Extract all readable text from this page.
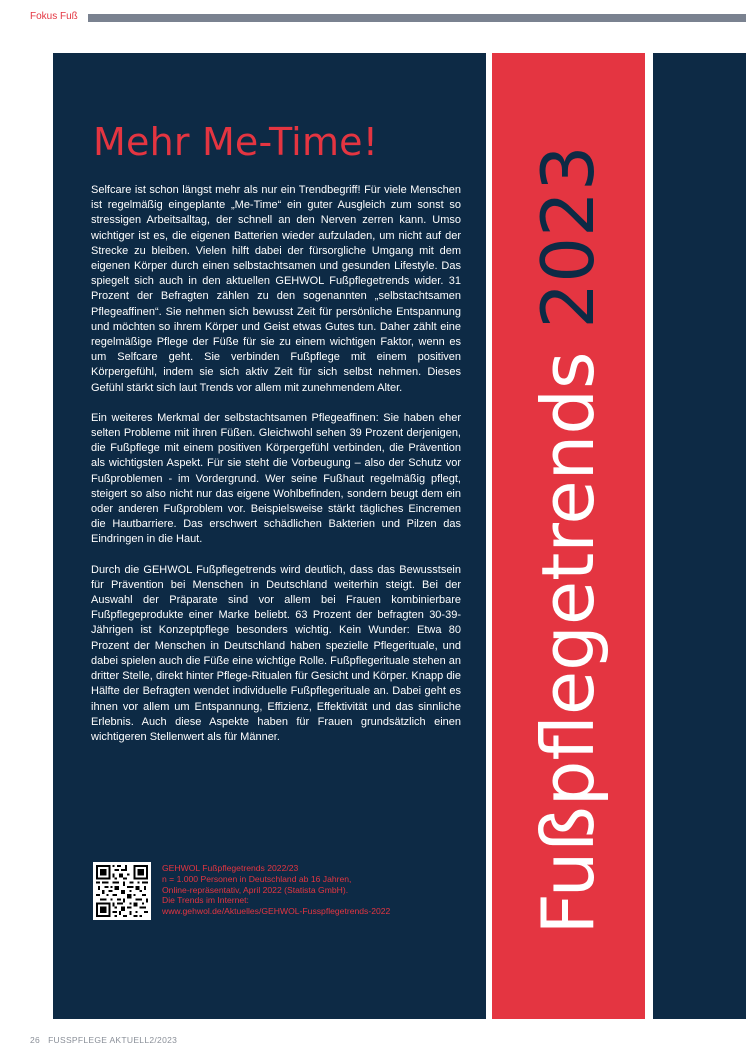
Fokus Fuß
Mehr Me-Time!

Selfcare ist schon längst mehr als nur ein Trendbegriff! Für viele Menschen ist regelmäßig eingeplante „Me-Time“ ein guter Ausgleich zum sonst so stressigen Arbeitsalltag, der schnell an den Nerven zerren kann. Umso wichtiger ist es, die eigenen Batterien wieder aufzuladen, um nicht auf der Strecke zu bleiben. Vielen hilft dabei der fürsorgliche Umgang mit dem eigenen Körper durch einen selbstachtsamen und gesunden Lifestyle. Das spiegelt sich auch in den aktuellen GEHWOL Fußpflegetrends wider. 31 Prozent der Befragten zählen zu den sogenannten „selbstachtsamen Pflegeaffinen“. Sie nehmen sich bewusst Zeit für persönliche Entspannung und möchten so ihrem Körper und Geist etwas Gutes tun. Daher zählt eine regelmäßige Pflege der Füße für sie zu einem wichtigen Faktor, wenn es um Selfcare geht. Sie verbinden Fußpflege mit einem positiven Körpergefühl, indem sie sich aktiv Zeit für sich selbst nehmen. Dieses Gefühl stärkt sich laut Trends vor allem mit zunehmendem Alter.

Ein weiteres Merkmal der selbstachtsamen Pflegeaffinen: Sie haben eher selten Probleme mit ihren Füßen. Gleichwohl sehen 39 Prozent derjenigen, die Fußpflege mit einem positiven Körpergefühl verbinden, die Prävention als wichtigsten Aspekt. Für sie steht die Vorbeugung – also der Schutz vor Fußproblemen - im Vordergrund. Wer seine Fußhaut regelmäßig pflegt, steigert so also nicht nur das eigene Wohlbefinden, sondern beugt dem ein oder anderen Fußproblem vor. Beispielsweise stärkt tägliches Eincremen die Hautbarriere. Das erschwert schädlichen Bakterien und Pilzen das Eindringen in die Haut.

Durch die GEHWOL Fußpflegetrends wird deutlich, dass das Bewusstsein für Prävention bei Menschen in Deutschland weiterhin steigt. Bei der Auswahl der Präparate sind vor allem bei Frauen kombinierbare Fußpflegeprodukte einer Marke beliebt. 63 Prozent der befragten 30-39-Jährigen ist Konzeptpflege besonders wichtig. Kein Wunder: Etwa 80 Prozent der Menschen in Deutschland haben spezielle Pflegerituale, und dabei spielen auch die Füße eine wichtige Rolle. Fußpflegerituale stehen an dritter Stelle, direkt hinter Pflege-Ritualen für Gesicht und Körper. Knapp die Hälfte der Befragten wendet individuelle Fußpflegerituale an. Dabei geht es ihnen vor allem um Entspannung, Effizienz, Effektivität und das sinnliche Erlebnis. Auch diese Aspekte haben für Frauen grundsätzlich einen wichtigeren Stellenwert als für Männer.

GEHWOL Fußpflegetrends 2022/23
n = 1.000 Personen in Deutschland ab 16 Jahren,
Online-repräsentativ, April 2022 (Statista GmbH).
Die Trends im Internet:
www.gehwol.de/Aktuelles/GEHWOL-Fusspflegetrends-2022	Fußpflegetrends 2023
26 FUSSPFLEGE AKTUELL2/2023
